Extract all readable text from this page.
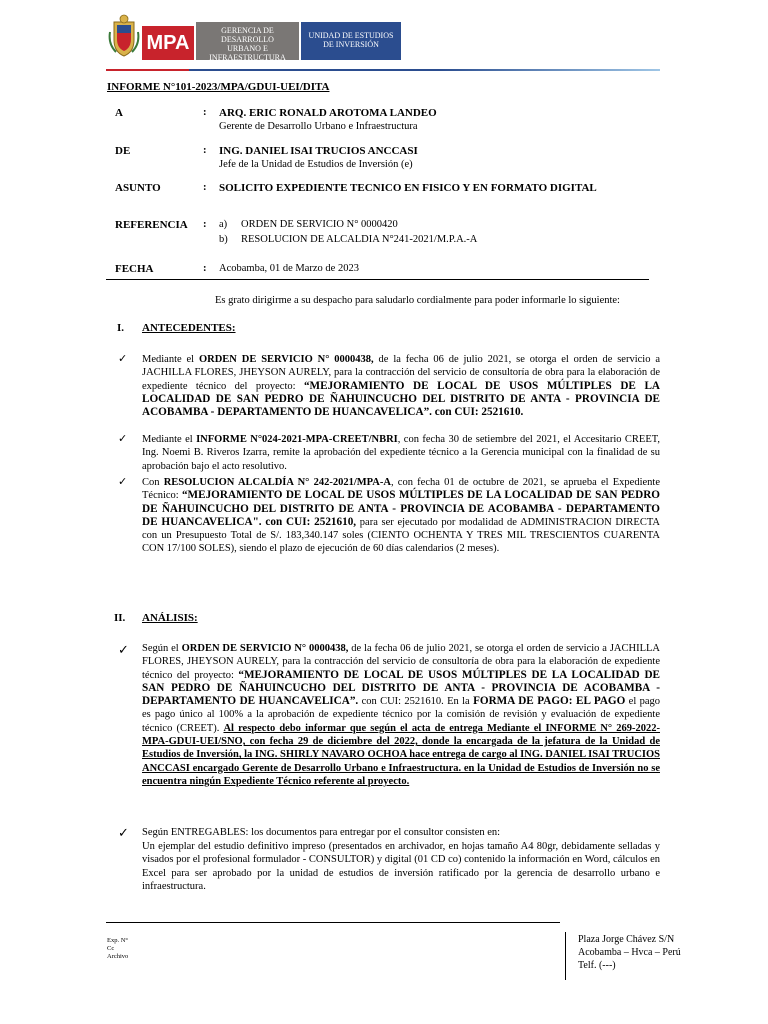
MPA
GERENCIA DE DESARROLLO
URBANO E
INFRAESTRUCTURA
UNIDAD DE ESTUDIOS
DE INVERSIÓN
INFORME N°101-2023/MPA/GDUI-UEI/DITA
A	: ARQ. ERIC RONALD AROTOMA LANDEO
Gerente de Desarrollo Urbano e Infraestructura
DE	: ING. DANIEL ISAI TRUCIOS ANCCASI
Jefe de la Unidad de Estudios de Inversión (e)
ASUNTO	: SOLICITO EXPEDIENTE TECNICO EN FISICO Y EN FORMATO DIGITAL
REFERENCIA : a) ORDEN DE SERVICIO N° 0000420
b) RESOLUCION DE ALCALDIA N°241-2021/M.P.A.-A
FECHA	: Acobamba, 01 de Marzo de 2023
Es grato dirigirme a su despacho para saludarlo cordialmente para poder informarle lo siguiente:
I. ANTECEDENTES:
✓ Mediante el ORDEN DE SERVICIO N° 0000438, de la fecha 06 de julio 2021, se otorga el orden de servicio a JACHILLA FLORES, JHEYSON AURELY, para la contracción del servicio de consultoría de obra para la elaboración de expediente técnico del proyecto: “MEJORAMIENTO DE LOCAL DE USOS MÚLTIPLES DE LA LOCALIDAD DE SAN PEDRO DE ÑAHUINCUCHO DEL DISTRITO DE ANTA - PROVINCIA DE ACOBAMBA - DEPARTAMENTO DE HUANCAVELICA”. con CUI: 2521610.
✓ Mediante el INFORME N°024-2021-MPA-CREET/NBRI, con fecha 30 de setiembre del 2021, el Accesitario CREET, Ing. Noemi B. Riveros Izarra, remite la aprobación del expediente técnico a la Gerencia municipal con la finalidad de su aprobación bajo el acto resolutivo.
✓ Con RESOLUCION ALCALDÍA N° 242-2021/MPA-A, con fecha 01 de octubre de 2021, se aprueba el Expediente Técnico: “MEJORAMIENTO DE LOCAL DE USOS MÚLTIPLES DE LA LOCALIDAD DE SAN PEDRO DE ÑAHUINCUCHO DEL DISTRITO DE ANTA - PROVINCIA DE ACOBAMBA - DEPARTAMENTO DE HUANCAVELICA". con CUI: 2521610, para ser ejecutado por modalidad de ADMINISTRACION DIRECTA con un Presupuesto Total de S/. 183,340.147 soles (CIENTO OCHENTA Y TRES MIL TRESCIENTOS CUARENTA CON 17/100 SOLES), siendo el plazo de ejecución de 60 días calendarios (2 meses).
II. ANÁLISIS:
✓ Según el ORDEN DE SERVICIO N° 0000438, de la fecha 06 de julio 2021, se otorga el orden de servicio a JACHILLA FLORES, JHEYSON AURELY, para la contracción del servicio de consultoría de obra para la elaboración de expediente técnico del proyecto: “MEJORAMIENTO DE LOCAL DE USOS MÚLTIPLES DE LA LOCALIDAD DE SAN PEDRO DE ÑAHUINCUCHO DEL DISTRITO DE ANTA - PROVINCIA DE ACOBAMBA - DEPARTAMENTO DE HUANCAVELICA”. con CUI: 2521610. En la FORMA DE PAGO: EL PAGO el pago es pago único al 100% a la aprobación de expediente técnico por la comisión de revisión y evaluación de expediente técnico (CREET). Al respecto debo informar que según el acta de entrega Mediante el INFORME N° 269-2022-MPA-GDUI-UEI/SNO, con fecha 29 de diciembre del 2022, donde la encargada de la jefatura de la Unidad de Estudios de Inversión, la ING. SHIRLY NAVARO OCHOA hace entrega de cargo al ING. DANIEL ISAI TRUCIOS ANCCASI encargado Gerente de Desarrollo Urbano e Infraestructura. en la Unidad de Estudios de Inversión no se encuentra ningún Expediente Técnico referente al proyecto.
✓ Según ENTREGABLES: los documentos para entregar por el consultor consisten en:
Un ejemplar del estudio definitivo impreso (presentados en archivador, en hojas tamaño A4 80gr, debidamente selladas y visados por el profesional formulador - CONSULTOR) y digital (01 CD co) contenido la información en Word, cálculos en Excel para ser aprobado por la unidad de estudios de inversión ratificado por la gerencia de desarrollo urbano e infraestructura.
Exp. N°
Cc
Archivo
Plaza Jorge Chávez S/N
Acobamba – Hvca – Perú
Telf. (---)
